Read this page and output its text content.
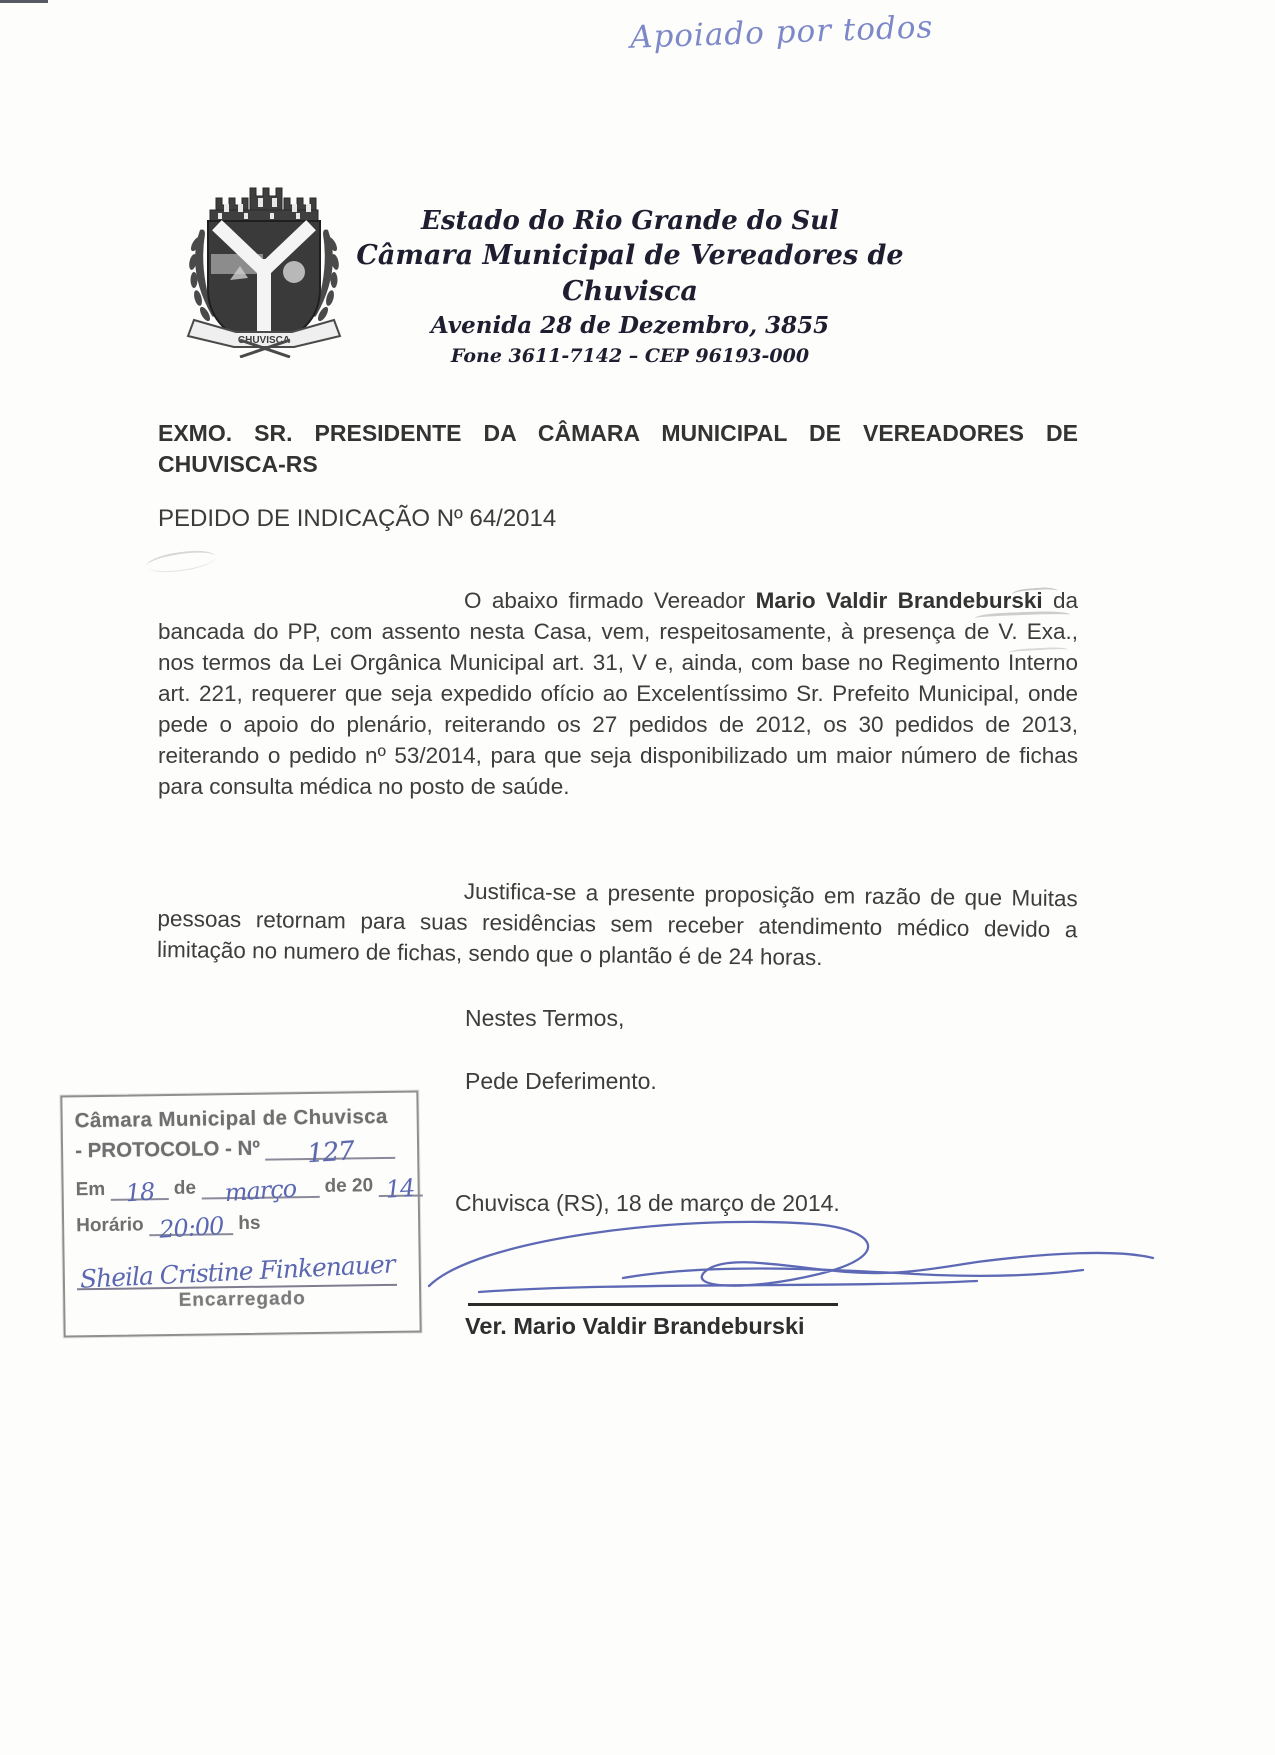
Apoiado por todos
CHUVISCA
Estado do Rio Grande do Sul
Câmara Municipal de Vereadores de Chuvisca
Avenida 28 de Dezembro, 3855
Fone 3611-7142 – CEP 96193-000
EXMO. SR. PRESIDENTE DA CÂMARA MUNICIPAL DE VEREADORES DE CHUVISCA-RS
PEDIDO DE INDICAÇÃO Nº 64/2014
O abaixo firmado Vereador Mario Valdir Brandeburski da bancada do PP, com assento nesta Casa, vem, respeitosamente, à presença de V. Exa., nos termos da Lei Orgânica Municipal art. 31, V e, ainda, com base no Regimento Interno art. 221, requerer que seja expedido ofício ao Excelentíssimo Sr. Prefeito Municipal, onde pede o apoio do plenário, reiterando os 27 pedidos de 2012, os 30 pedidos de 2013, reiterando o pedido nº 53/2014, para que seja disponibilizado um maior número de fichas para consulta médica no posto de saúde.
Justifica-se a presente proposição em razão de que Muitas pessoas retornam para suas residências sem receber atendimento médico devido a limitação no numero de fichas, sendo que o plantão é de 24 horas.
Nestes Termos,
Pede Deferimento.
Câmara Municipal de Chuvisca
- PROTOCOLO - Nº 127
Em 18 de março de 20 14
Horário 20:00 hs
Sheila Cristine Finkenauer
Encarregado
Chuvisca (RS), 18 de março de 2014.
Ver. Mario Valdir Brandeburski
